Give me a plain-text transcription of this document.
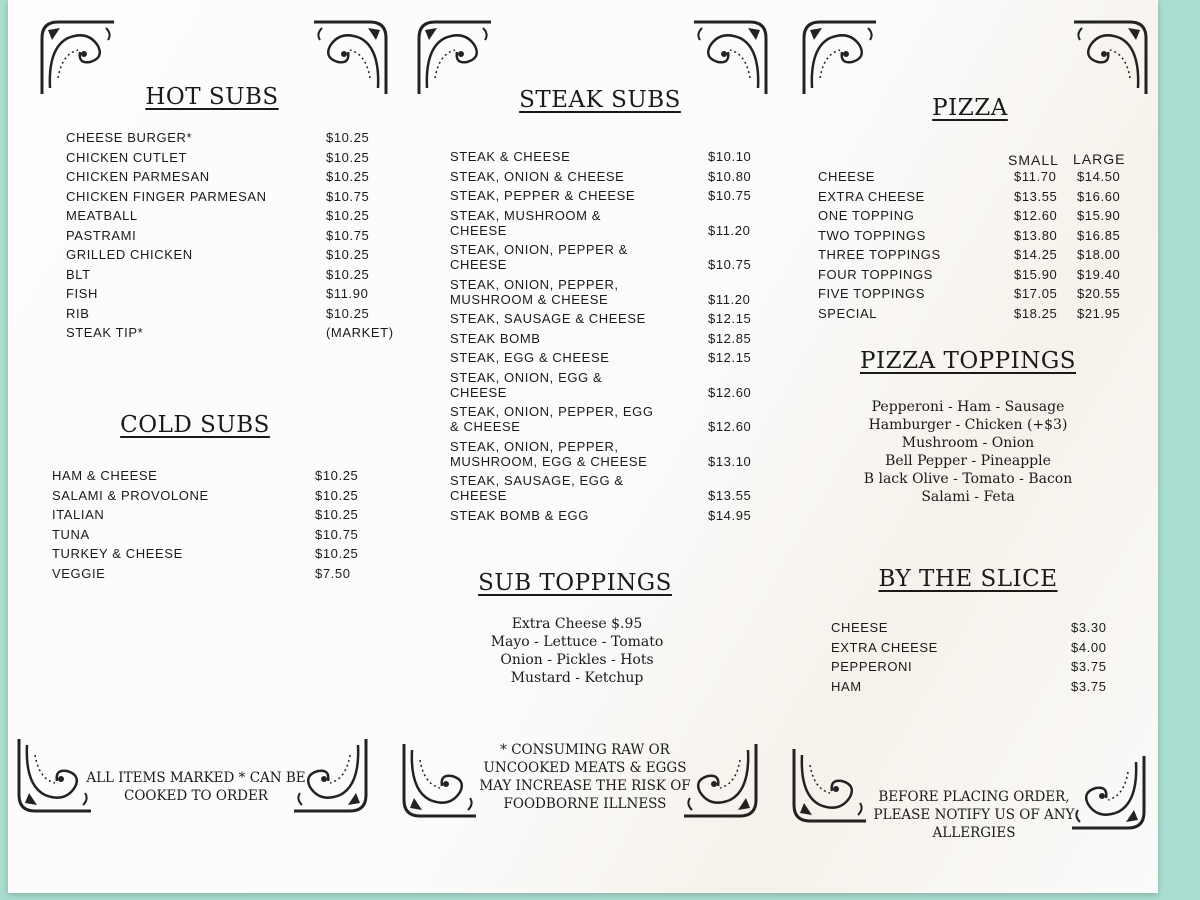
HOT SUBS
CHEESE BURGER*	$10.25
CHICKEN CUTLET	$10.25
CHICKEN PARMESAN	$10.25
CHICKEN FINGER PARMESAN	$10.75
MEATBALL	$10.25
PASTRAMI	$10.75
GRILLED CHICKEN	$10.25
BLT	$10.25
FISH	$11.90
RIB	$10.25
STEAK TIP*	(MARKET)
COLD SUBS
HAM & CHEESE	$10.25
SALAMI & PROVOLONE	$10.25
ITALIAN	$10.25
TUNA	$10.75
TURKEY & CHEESE	$10.25
VEGGIE	$7.50
STEAK SUBS
STEAK & CHEESE	$10.10
STEAK, ONION & CHEESE	$10.80
STEAK, PEPPER & CHEESE	$10.75
STEAK, MUSHROOM & CHEESE	$11.20
STEAK, ONION, PEPPER & CHEESE	$10.75
STEAK, ONION, PEPPER, MUSHROOM & CHEESE	$11.20
STEAK, SAUSAGE & CHEESE	$12.15
STEAK BOMB	$12.85
STEAK, EGG & CHEESE	$12.15
STEAK, ONION, EGG & CHEESE	$12.60
STEAK, ONION, PEPPER, EGG & CHEESE	$12.60
STEAK, ONION, PEPPER, MUSHROOM, EGG & CHEESE	$13.10
STEAK, SAUSAGE, EGG & CHEESE	$13.55
STEAK BOMB & EGG	$14.95
SUB TOPPINGS
Extra Cheese $.95
Mayo - Lettuce - Tomato
Onion - Pickles - Hots
Mustard - Ketchup
PIZZA
SMALL LARGE
CHEESE	$11.70 $14.50
EXTRA CHEESE	$13.55 $16.60
ONE TOPPING	$12.60 $15.90
TWO TOPPINGS	$13.80 $16.85
THREE TOPPINGS	$14.25 $18.00
FOUR TOPPINGS	$15.90 $19.40
FIVE TOPPINGS	$17.05 $20.55
SPECIAL	$18.25 $21.95
PIZZA TOPPINGS
Pepperoni - Ham - Sausage
Hamburger - Chicken (+$3)
Mushroom - Onion
Bell Pepper - Pineapple
B lack Olive - Tomato - Bacon
Salami - Feta
BY THE SLICE
CHEESE	$3.30
EXTRA CHEESE	$4.00
PEPPERONI	$3.75
HAM	$3.75
ALL ITEMS MARKED * CAN BE
COOKED TO ORDER
* CONSUMING RAW OR
UNCOOKED MEATS & EGGS
MAY INCREASE THE RISK OF
FOODBORNE ILLNESS	BEFORE PLACING ORDER,
PLEASE NOTIFY US OF ANY
ALLERGIES
